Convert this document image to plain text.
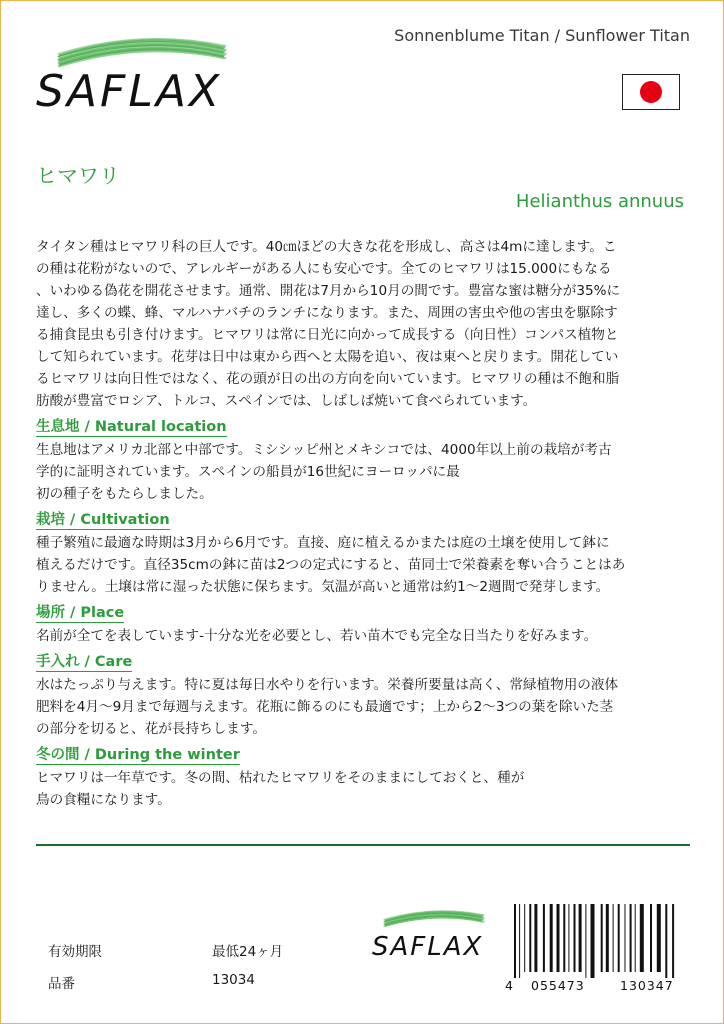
SAFLAX
Sonnenblume Titan / Sunflower Titan
ヒマワリ
Helianthus annuus

タイタン種はヒマワリ科の巨人です。40㎝ほどの大きな花を形成し、高さは4mに達します。こ
の種は花粉がないので、アレルギーがある人にも安心です。全てのヒマワリは15.000にもなる
、いわゆる偽花を開花させます。通常、開花は7月から10月の間です。豊富な蜜は糖分が35%に
達し、多くの蝶、蜂、マルハナバチのランチになります。また、周囲の害虫や他の害虫を駆除す
る捕食昆虫も引き付けます。ヒマワリは常に日光に向かって成長する（向日性）コンパス植物と
して知られています。花芽は日中は東から西へと太陽を追い、夜は東へと戻ります。開花してい
るヒマワリは向日性ではなく、花の頭が日の出の方向を向いています。ヒマワリの種は不飽和脂
肪酸が豊富でロシア、トルコ、スペインでは、しばしば焼いて食べられています。

生息地 / Natural location

生息地はアメリカ北部と中部です。ミシシッピ州とメキシコでは、4000年以上前の栽培が考古
学的に証明されています。スペインの船員が16世紀にヨーロッパに最
初の種子をもたらしました。

栽培 / Cultivation

種子繁殖に最適な時期は3月から6月です。直接、庭に植えるかまたは庭の土壌を使用して鉢に
植えるだけです。直径35cmの鉢に苗は2つの定式にすると、苗同士で栄養素を奪い合うことはあ
りません。土壌は常に湿った状態に保ちます。気温が高いと通常は約1～2週間で発芽します。

場所 / Place

名前が全てを表しています-十分な光を必要とし、若い苗木でも完全な日当たりを好みます。

手入れ / Care

水はたっぷり与えます。特に夏は毎日水やりを行います。栄養所要量は高く、常緑植物用の液体
肥料を4月～9月まで毎週与えます。花瓶に飾るのにも最適です；上から2～3つの葉を除いた茎
の部分を切ると、花が長持ちします。

冬の間 / During the winter

ヒマワリは一年草です。冬の間、枯れたヒマワリをそのままにしておくと、種が
鳥の食糧になります。

有効期限	最低24ヶ月
品番	13034
SAFLAX
4 055473	130347
